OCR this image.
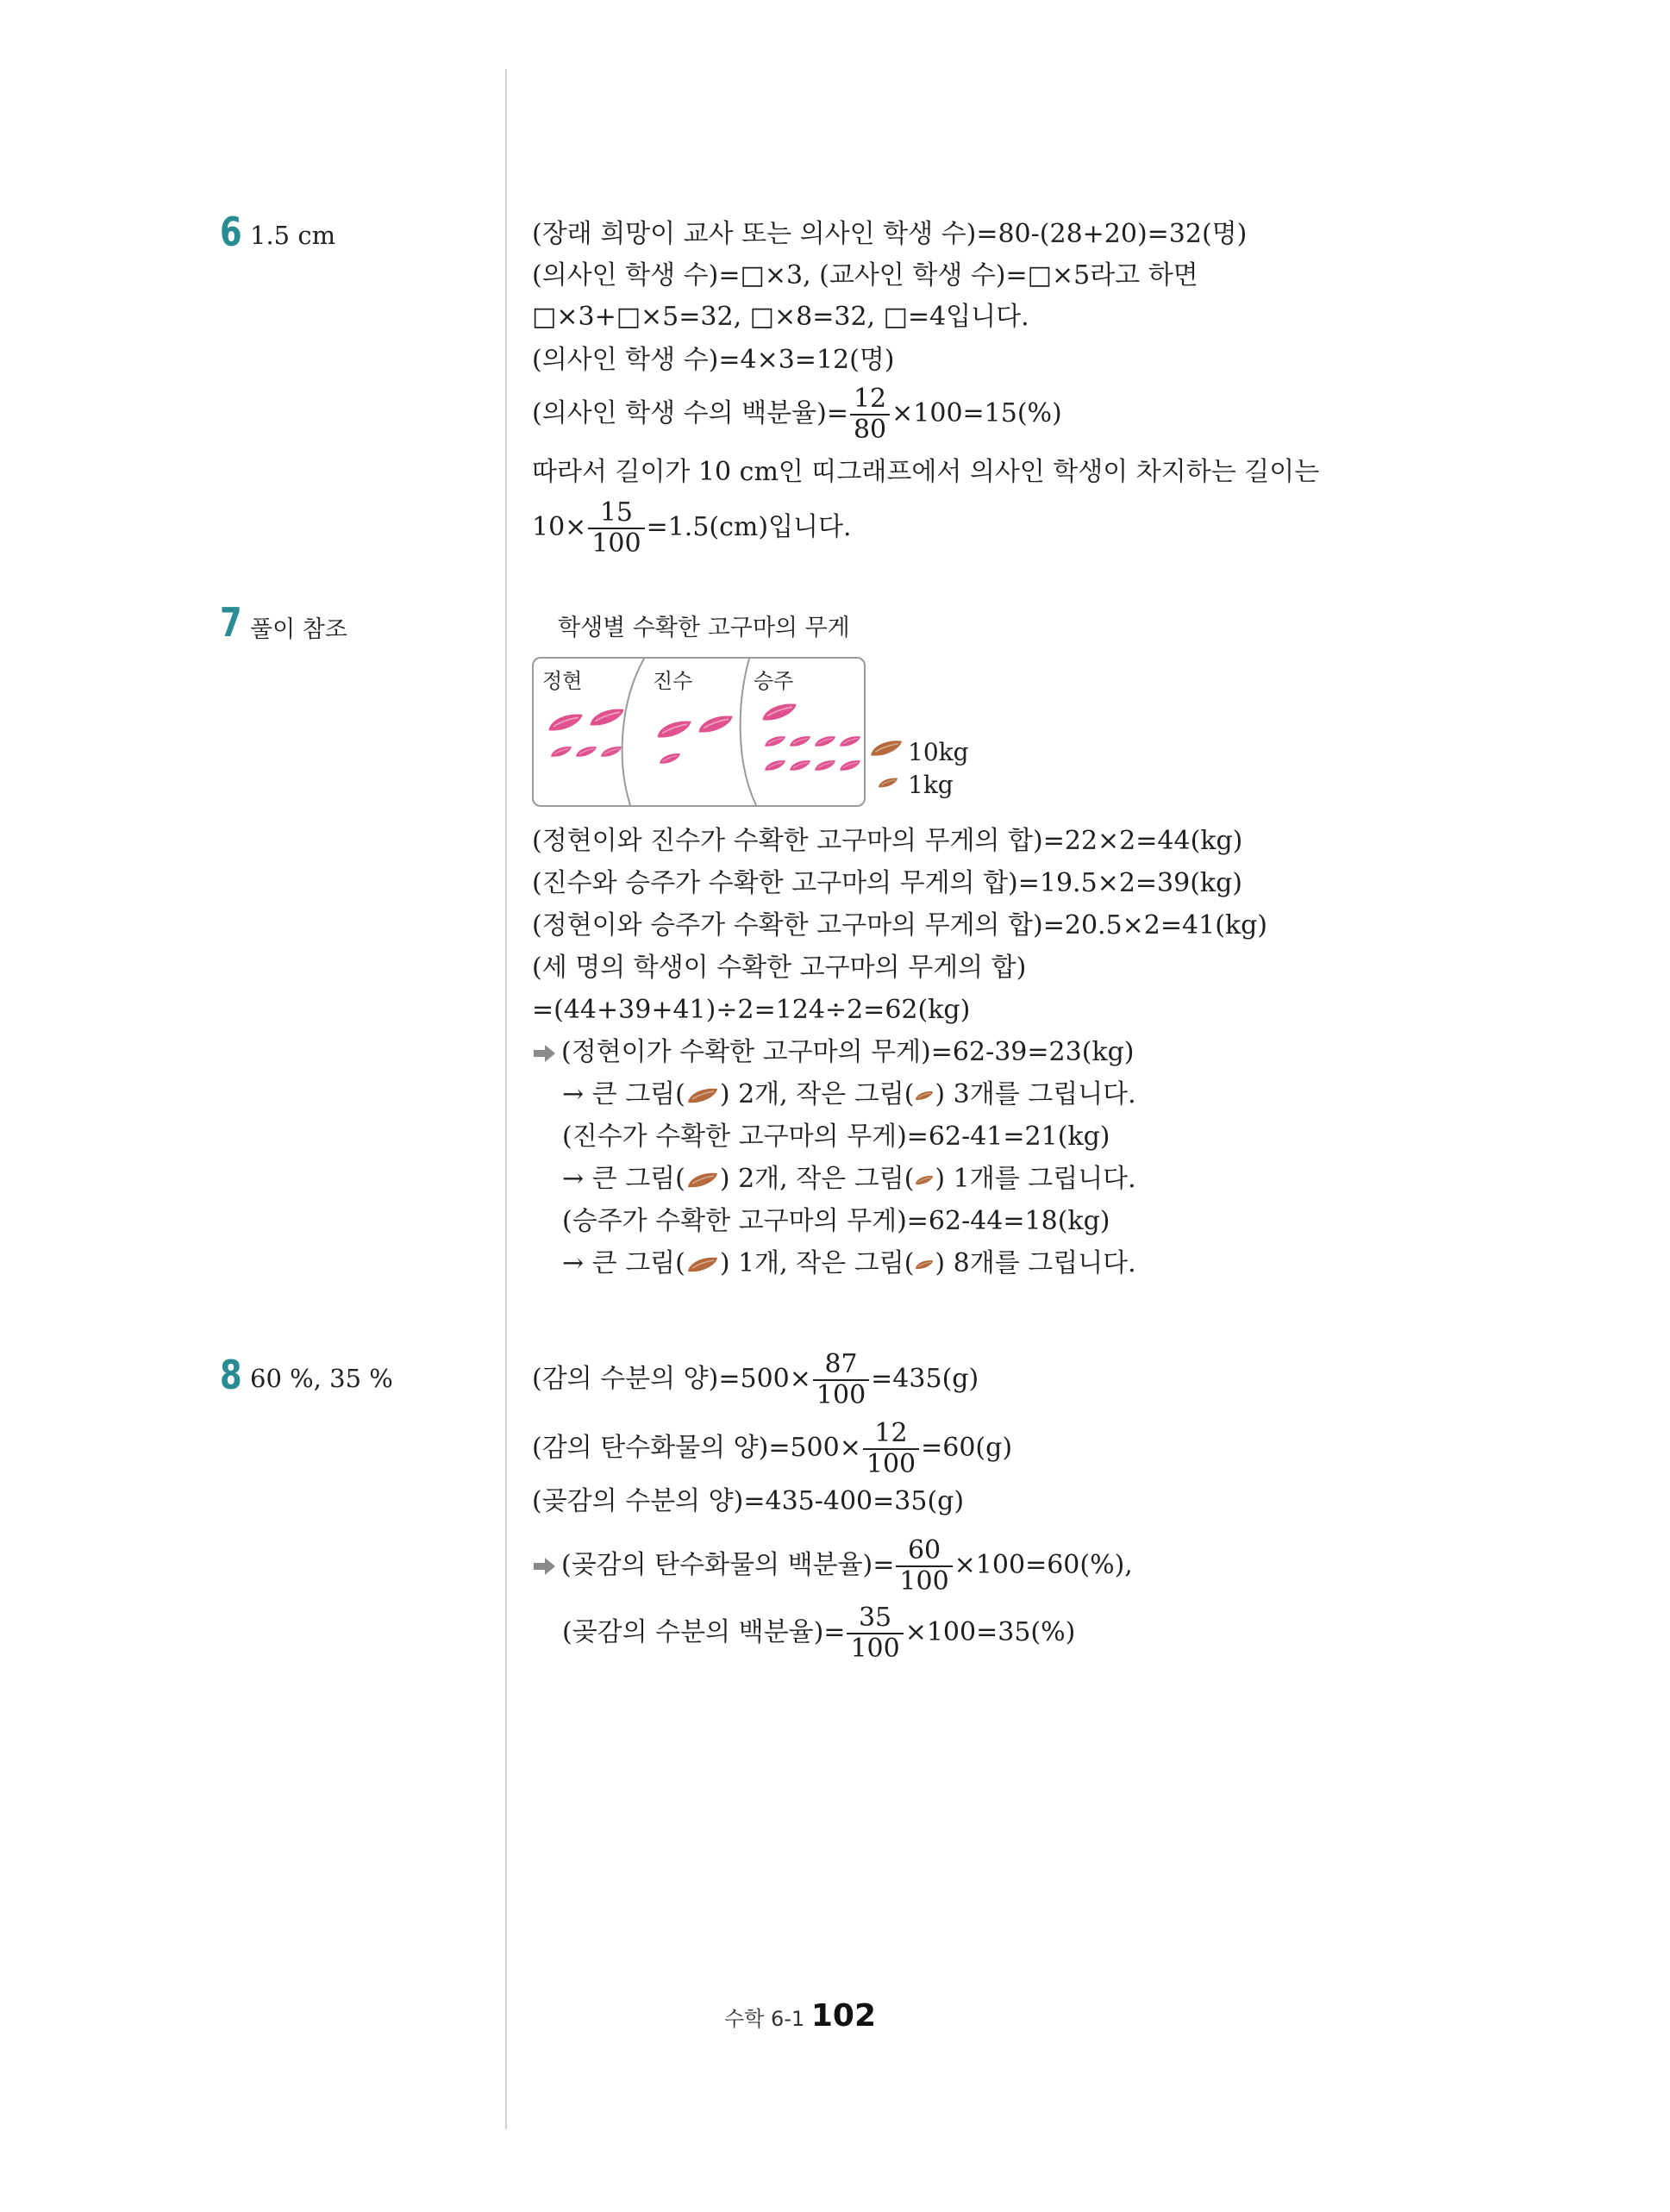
6 1.5 cm	(장래 희망이 교사 또는 의사인 학생 수)=80-(28+20)=32(명)
(의사인 학생 수)=□×3, (교사인 학생 수)=□×5라고 하면
□×3+□×5=32, □×8=32, □=4입니다.
(의사인 학생 수)=4×3=12(명)
(의사인 학생 수의 백분율)= $\frac{12}{80} \times 100=15(\%)$
따라서 길이가 10 cm인 띠그래프에서 의사인 학생이 차지하는 길이는
$10\times \frac{15}{100} =1.5(cm)$입니다.
7 풀이 참조	학생별 수확한 고구마의 무게
정현	진수	승주
10kg
1kg
(정현이와 진수가 수확한 고구마의 무게의 합)=22×2=44(kg)
(진수와 승주가 수확한 고구마의 무게의 합)=19.5×2=39(kg)
(정현이와 승주가 수확한 고구마의 무게의 합)=20.5×2=41(kg)
(세 명의 학생이 수확한 고구마의 무게의 합)
=(44+39+41)÷2=124÷2=62(kg)
(정현이가 수확한 고구마의 무게)=62-39=23(kg)
→ 큰 그림( ) 2개, 작은 그림( ) 3개를 그립니다.
(진수가 수확한 고구마의 무게)=62-41=21(kg)
→ 큰 그림( ) 2개, 작은 그림( ) 1개를 그립니다.
(승주가 수확한 고구마의 무게)=62-44=18(kg)
→ 큰 그림( ) 1개, 작은 그림( ) 8개를 그립니다.
8 60 %, 35 %	(감의 수분의 양)$=500\times \frac{87}{100} =435(g)$
(감의 탄수화물의 양)$=500\times \frac{12}{100} =60(g)$
(곶감의 수분의 양)=435-400=35(g)
(곶감의 탄수화물의 백분율)= $\frac{60}{100} \times 100=60(\%)$,
(곶감의 수분의 백분율)= $\frac{35}{100} \times 100=35(\%)$
수학 6-1 102
